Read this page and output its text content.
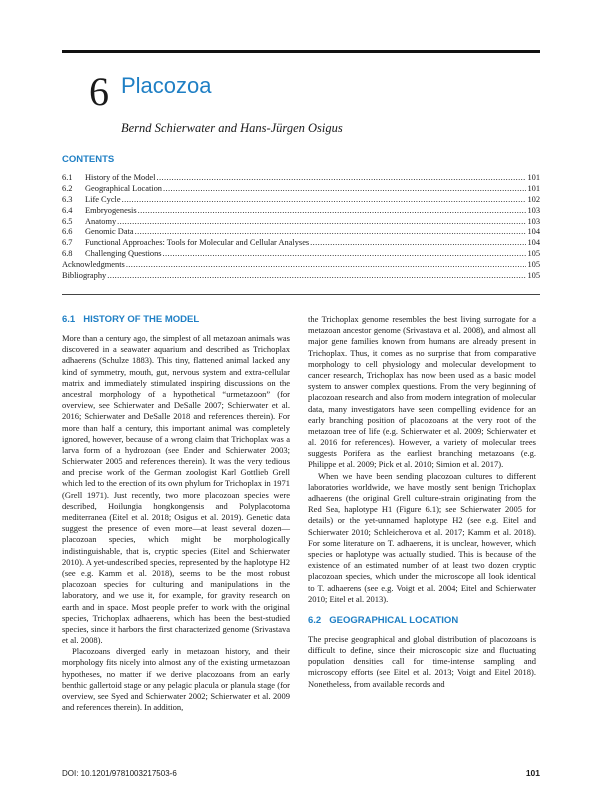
6 Placozoa
Bernd Schierwater and Hans-Jürgen Osigus
CONTENTS
6.1	History of the Model .....	101
6.2	Geographical Location .....	101
6.3	Life Cycle .....	102
6.4	Embryogenesis .....	103
6.5	Anatomy .....	103
6.6	Genomic Data .....	104
6.7	Functional Approaches: Tools for Molecular and Cellular Analyses .....	104
6.8	Challenging Questions .....	105
Acknowledgments .....	105
Bibliography .....	105
6.1 HISTORY OF THE MODEL

More than a century ago, the simplest of all metazoan animals was discovered in a seawater aquarium and described as Trichoplax adhaerens (Schulze 1883). This tiny, flattened animal lacked any kind of symmetry, mouth, gut, nervous system and extra-cellular matrix and immediately stimulated inspiring discussions on the ancestral morphology of a hypothetical “urmetazoon” (for overview, see Schierwater and DeSalle 2007; Schierwater et al. 2016; Schierwater and DeSalle 2018 and references therein). For more than half a century, this important animal was completely ignored, however, because of a wrong claim that Trichoplax was a larva form of a hydrozoan (see Ender and Schierwater 2003; Schierwater 2005 and references therein). It was the very tedious and precise work of the German zoologist Karl Gottlieb Grell which led to the erection of its own phylum for Trichoplax in 1971 (Grell 1971). Just recently, two more placozoan species were described, Hoilungia hongkongensis and Polyplacotoma mediterranea (Eitel et al. 2018; Osigus et al. 2019). Genetic data suggest the presence of even more—at least several dozen—placozoan species, which might be morphologically indistinguishable, that is, cryptic species (Eitel and Schierwater 2010). A yet-undescribed species, represented by the haplotype H2 (see e.g. Kamm et al. 2018), seems to be the most robust placozoan species for culturing and manipulations in the laboratory, and we use it, for example, for gravity research on earth and in space. Most people prefer to work with the original species, Trichoplax adhaerens, which has been the best-studied species, since it harbors the first characterized genome (Srivastava et al. 2008).

Placozoans diverged early in metazoan history, and their morphology fits nicely into almost any of the existing urmetazoan hypotheses, no matter if we derive placozoans from an early benthic gallertoid stage or any pelagic placula or planula stage (for overview, see Syed and Schierwater 2002; Schierwater et al. 2009 and references therein). In addition,

the Trichoplax genome resembles the best living surrogate for a metazoan ancestor genome (Srivastava et al. 2008), and almost all major gene families known from humans are already present in Trichoplax. Thus, it comes as no surprise that from comparative morphology to cell physiology and molecular development to cancer research, Trichoplax has now been used as a basic model system to answer complex questions. From the very beginning of placozoan research and also from modern integration of molecular data, many investigators have seen compelling evidence for an early branching position of placozoans at the very root of the metazoan tree of life (e.g. Schierwater et al. 2009; Schierwater et al. 2016 for references). However, a variety of molecular trees suggests Porifera as the earliest branching metazoans (e.g. Philippe et al. 2009; Pick et al. 2010; Simion et al. 2017).

When we have been sending placozoan cultures to different laboratories worldwide, we have mostly sent benign Trichoplax adhaerens (the original Grell culture-strain originating from the Red Sea, haplotype H1 (Figure 6.1); see Schierwater 2005 for details) or the yet-unnamed haplotype H2 (see e.g. Eitel and Schierwater 2010; Schleicherova et al. 2017; Kamm et al. 2018). For some literature on T. adhaerens, it is unclear, however, which species or haplotype was actually studied. This is because of the existence of an estimated number of at least two dozen cryptic placozoan species, which under the microscope all look identical to T. adhaerens (see e.g. Voigt et al. 2004; Eitel and Schierwater 2010; Eitel et al. 2013).

6.2 GEOGRAPHICAL LOCATION

The precise geographical and global distribution of placozoans is difficult to define, since their microscopic size and fluctuating population densities call for time-intense sampling and microscopy efforts (see Eitel et al. 2013; Voigt and Eitel 2018). Nonetheless, from available records and

DOI: 10.1201/9781003217503-6	101
